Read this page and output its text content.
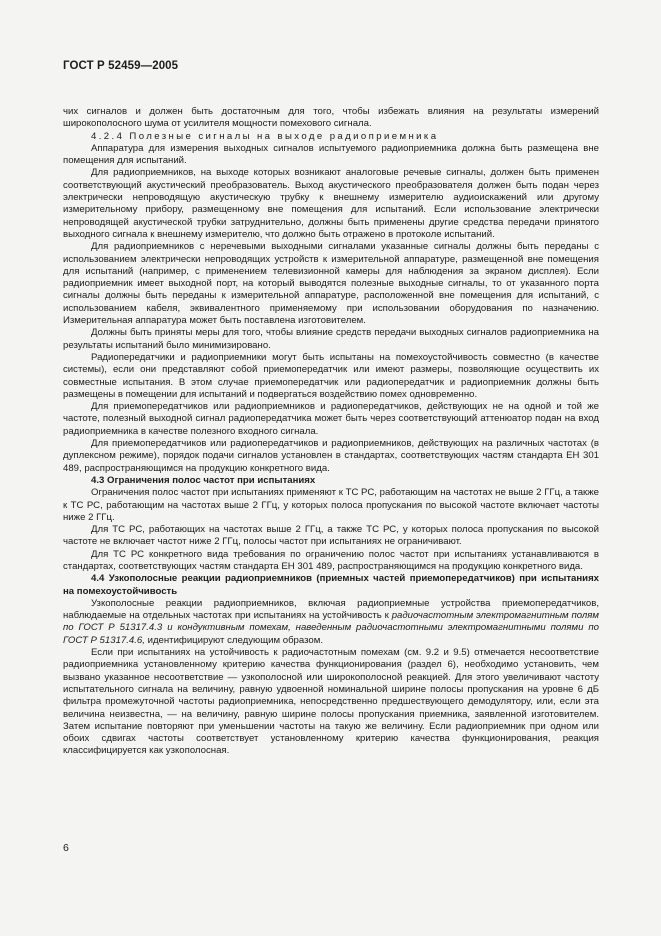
ГОСТ Р 52459—2005

чих сигналов и должен быть достаточным для того, чтобы избежать влияния на результаты измерений широкополосного шума от усилителя мощности помехового сигнала.

4.2.4 Полезные сигналы на выходе радиоприемника

Аппаратура для измерения выходных сигналов испытуемого радиоприемника должна быть размещена вне помещения для испытаний.

Для радиоприемников, на выходе которых возникают аналоговые речевые сигналы, должен быть применен соответствующий акустический преобразователь. Выход акустического преобразователя должен быть подан через электрически непроводящую акустическую трубку к внешнему измерителю аудиоискажений или другому измерительному прибору, размещенному вне помещения для испытаний. Если использование электрически непроводящей акустической трубки затруднительно, должны быть применены другие средства передачи принятого выходного сигнала к внешнему измерителю, что должно быть отражено в протоколе испытаний.

Для радиоприемников с неречевыми выходными сигналами указанные сигналы должны быть переданы с использованием электрически непроводящих устройств к измерительной аппаратуре, размещенной вне помещения для испытаний (например, с применением телевизионной камеры для наблюдения за экраном дисплея). Если радиоприемник имеет выходной порт, на который выводятся полезные выходные сигналы, то от указанного порта сигналы должны быть переданы к измерительной аппаратуре, расположенной вне помещения для испытаний, с использованием кабеля, эквивалентного применяемому при использовании оборудования по назначению. Измерительная аппаратура может быть поставлена изготовителем.

Должны быть приняты меры для того, чтобы влияние средств передачи выходных сигналов радиоприемника на результаты испытаний было минимизировано.

Радиопередатчики и радиоприемники могут быть испытаны на помехоустойчивость совместно (в качестве системы), если они представляют собой приемопередатчик или имеют размеры, позволяющие осуществить их совместные испытания. В этом случае приемопередатчик или радиопередатчик и радиоприемник должны быть размещены в помещении для испытаний и подвергаться воздействию помех одновременно.

Для приемопередатчиков или радиоприемников и радиопередатчиков, действующих не на одной и той же частоте, полезный выходной сигнал радиопередатчика может быть через соответствующий аттенюатор подан на вход радиоприемника в качестве полезного входного сигнала.

Для приемопередатчиков или радиопередатчиков и радиоприемников, действующих на различных частотах (в дуплексном режиме), порядок подачи сигналов установлен в стандартах, соответствующих частям стандарта ЕН 301 489, распространяющимся на продукцию конкретного вида.

4.3 Ограничения полос частот при испытаниях

Ограничения полос частот при испытаниях применяют к ТС РС, работающим на частотах не выше 2 ГГц, а также к ТС РС, работающим на частотах выше 2 ГГц, у которых полоса пропускания по высокой частоте включает частоты ниже 2 ГГц.

Для ТС РС, работающих на частотах выше 2 ГГц, а также ТС РС, у которых полоса пропускания по высокой частоте не включает частот ниже 2 ГГц, полосы частот при испытаниях не ограничивают.

Для ТС РС конкретного вида требования по ограничению полос частот при испытаниях устанавливаются в стандартах, соответствующих частям стандарта ЕН 301 489, распространяющимся на продукцию конкретного вида.

4.4 Узкополосные реакции радиоприемников (приемных частей приемопередатчиков) при испытаниях на помехоустойчивость

Узкополосные реакции радиоприемников, включая радиоприемные устройства приемопередатчиков, наблюдаемые на отдельных частотах при испытаниях на устойчивость к радиочастотным электромагнитным полям по ГОСТ Р 51317.4.3 и кондуктивным помехам, наведенным радиочастотными электромагнитными полями по ГОСТ Р 51317.4.6, идентифицируют следующим образом.

Если при испытаниях на устойчивость к радиочастотным помехам (см. 9.2 и 9.5) отмечается несоответствие радиоприемника установленному критерию качества функционирования (раздел 6), необходимо установить, чем вызвано указанное несоответствие — узкополосной или широкополосной реакцией. Для этого увеличивают частоту испытательного сигнала на величину, равную удвоенной номинальной ширине полосы пропускания на уровне 6 дБ фильтра промежуточной частоты радиоприемника, непосредственно предшествующего демодулятору, или, если эта величина неизвестна, — на величину, равную ширине полосы пропускания приемника, заявленной изготовителем. Затем испытание повторяют при уменьшении частоты на такую же величину. Если радиоприемник при одном или обоих сдвигах частоты соответствует установленному критерию качества функционирования, реакция классифицируется как узкополосная.

6
